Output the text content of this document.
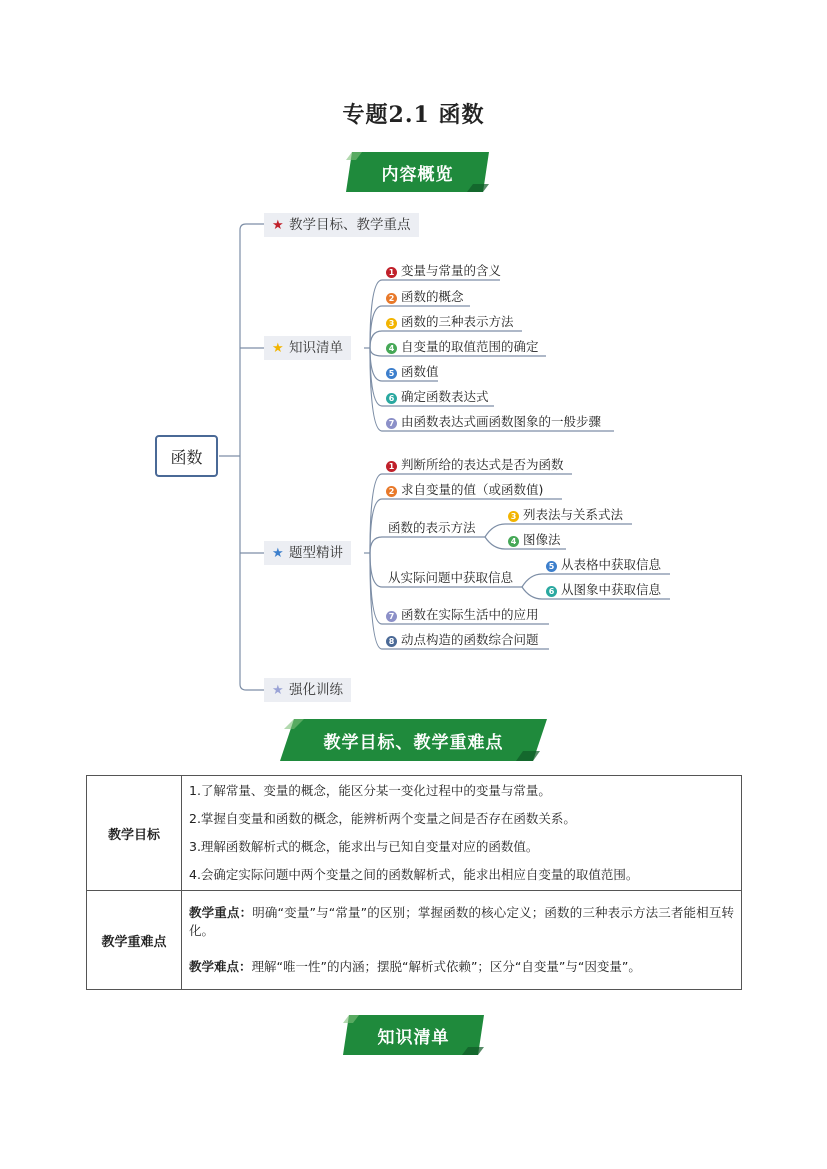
专题2.1 函数
内容概览
函数
★ 教学目标、教学重点
★ 知识清单
★ 题型精讲
★ 强化训练
1 变量与常量的含义
2 函数的概念
3 函数的三种表示方法
4 自变量的取值范围的确定
5 函数值
6 确定函数表达式
7 由函数表达式画函数图象的一般步骤
1 判断所给的表达式是否为函数
2 求自变量的值（或函数值)
函数的表示方法
3 列表法与关系式法
4 图像法
从实际问题中获取信息
5 从表格中获取信息
6 从图象中获取信息
7 函数在实际生活中的应用
8 动点构造的函数综合问题
教学目标、教学重难点
教学目标	1.了解常量、变量的概念，能区分某一变化过程中的变量与常量。
2.掌握自变量和函数的概念，能辨析两个变量之间是否存在函数关系。
3.理解函数解析式的概念，能求出与已知自变量对应的函数值。
4.会确定实际问题中两个变量之间的函数解析式，能求出相应自变量的取值范围。

教学重难点	教学重点：明确“变量”与“常量”的区别；掌握函数的核心定义；函数的三种表示方法三者能相互转化。
教学难点：理解“唯一性”的内涵；摆脱“解析式依赖”；区分“自变量”与“因变量”。
知识清单
